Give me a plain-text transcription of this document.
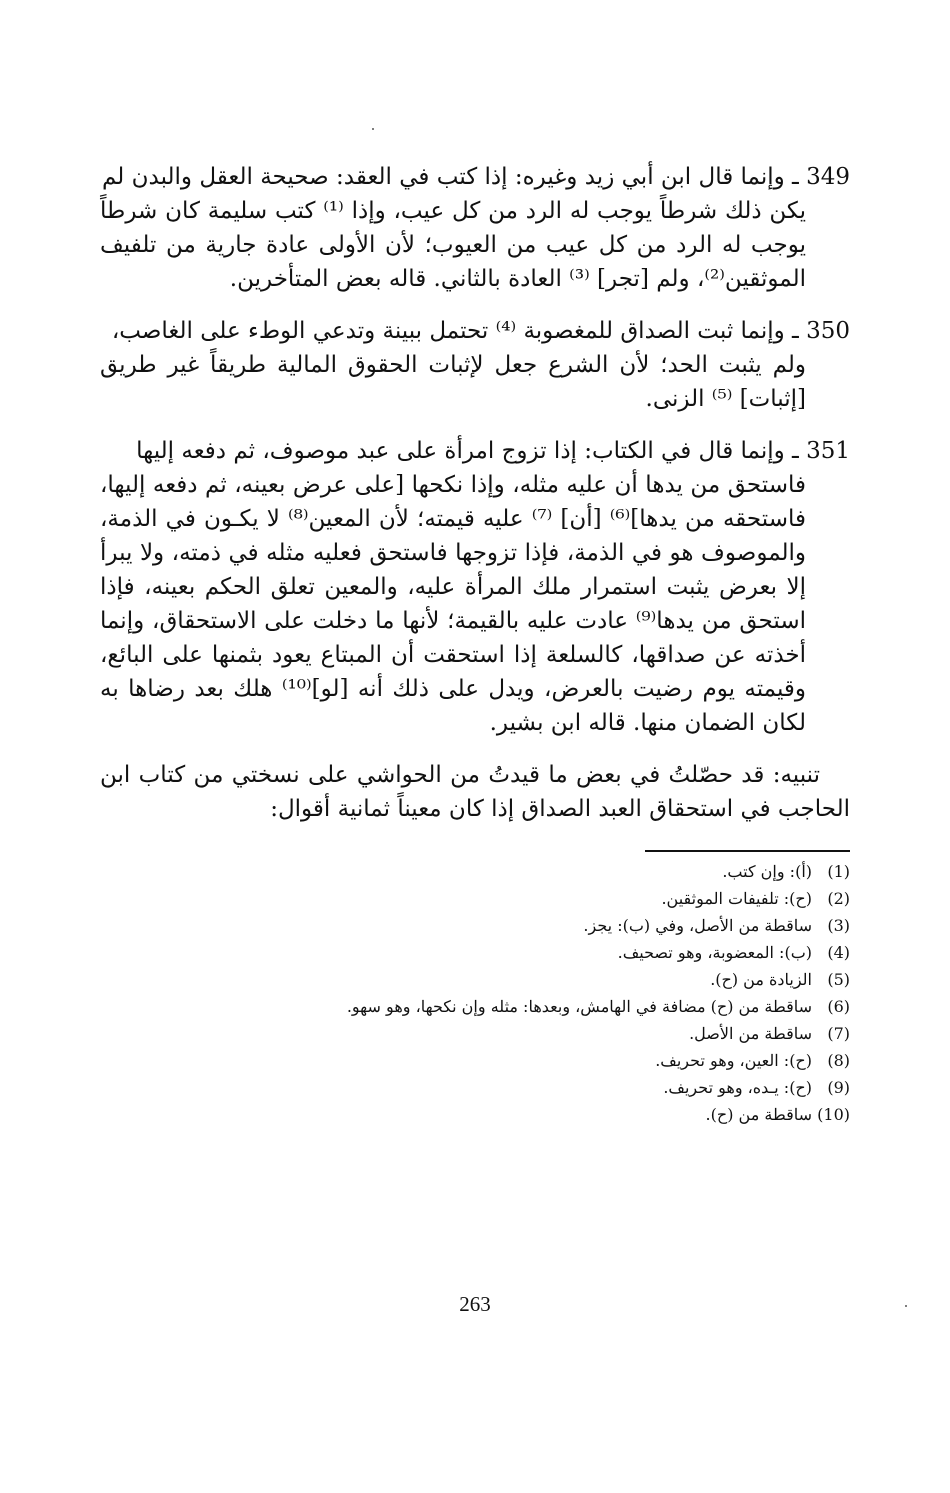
349 ـ وإنما قال ابن أبي زيد وغيره: إذا كتب في العقد: صحيحة العقل والبدن لم
يكن ذلك شرطاً يوجب له الرد من كل عيب، وإذا ⁽¹⁾ كتب سليمة كان شرطاً يوجب له الرد من كل عيب من العيوب؛ لأن الأولى عادة جارية من تلفيف الموثقين⁽²⁾، ولم [تجر] ⁽³⁾ العادة بالثاني. قاله بعض المتأخرين.

350 ـ وإنما ثبت الصداق للمغصوبة ⁽⁴⁾ تحتمل ببينة وتدعي الوطء على الغاصب،
ولم يثبت الحد؛ لأن الشرع جعل لإثبات الحقوق المالية طريقاً غير طريق [إثبات] ⁽⁵⁾ الزنى.

351 ـ وإنما قال في الكتاب: إذا تزوج امرأة على عبد موصوف، ثم دفعه إليها
فاستحق من يدها أن عليه مثله، وإذا نكحها [على عرض بعينه، ثم دفعه إليها، فاستحقه من يدها]⁽⁶⁾ [أن] ⁽⁷⁾ عليه قيمته؛ لأن المعين⁽⁸⁾ لا يكـون في الذمة، والموصوف هو في الذمة، فإذا تزوجها فاستحق فعليه مثله في ذمته، ولا يبرأ إلا بعرض يثبت استمرار ملك المرأة عليه، والمعين تعلق الحكم بعينه، فإذا استحق من يدها⁽⁹⁾ عادت عليه بالقيمة؛ لأنها ما دخلت على الاستحقاق، وإنما أخذته عن صداقها، كالسلعة إذا استحقت أن المبتاع يعود بثمنها على البائع، وقيمته يوم رضيت بالعرض، ويدل على ذلك أنه [لو]⁽¹⁰⁾ هلك بعد رضاها به لكان الضمان منها. قاله ابن بشير.

تنبيه: قد حصّلتُ في بعض ما قيدتُ من الحواشي على نسختي من كتاب ابن الحاجب في استحقاق العبد الصداق إذا كان معيناً ثمانية أقوال:

(1)(أ): وإن كتب.
(2)(ح): تلفيفات الموثقين.
(3)ساقطة من الأصل، وفي (ب): يجز.
(4)(ب): المعضوبة، وهو تصحيف.
(5)الزيادة من (ح).
(6)ساقطة من (ح) مضافة في الهامش، وبعدها: مثله وإن نكحها، وهو سهو.
(7)ساقطة من الأصل.
(8)(ح): العين، وهو تحريف.
(9)(ح): يـده، وهو تحريف.
(10)ساقطة من (ح).
263
